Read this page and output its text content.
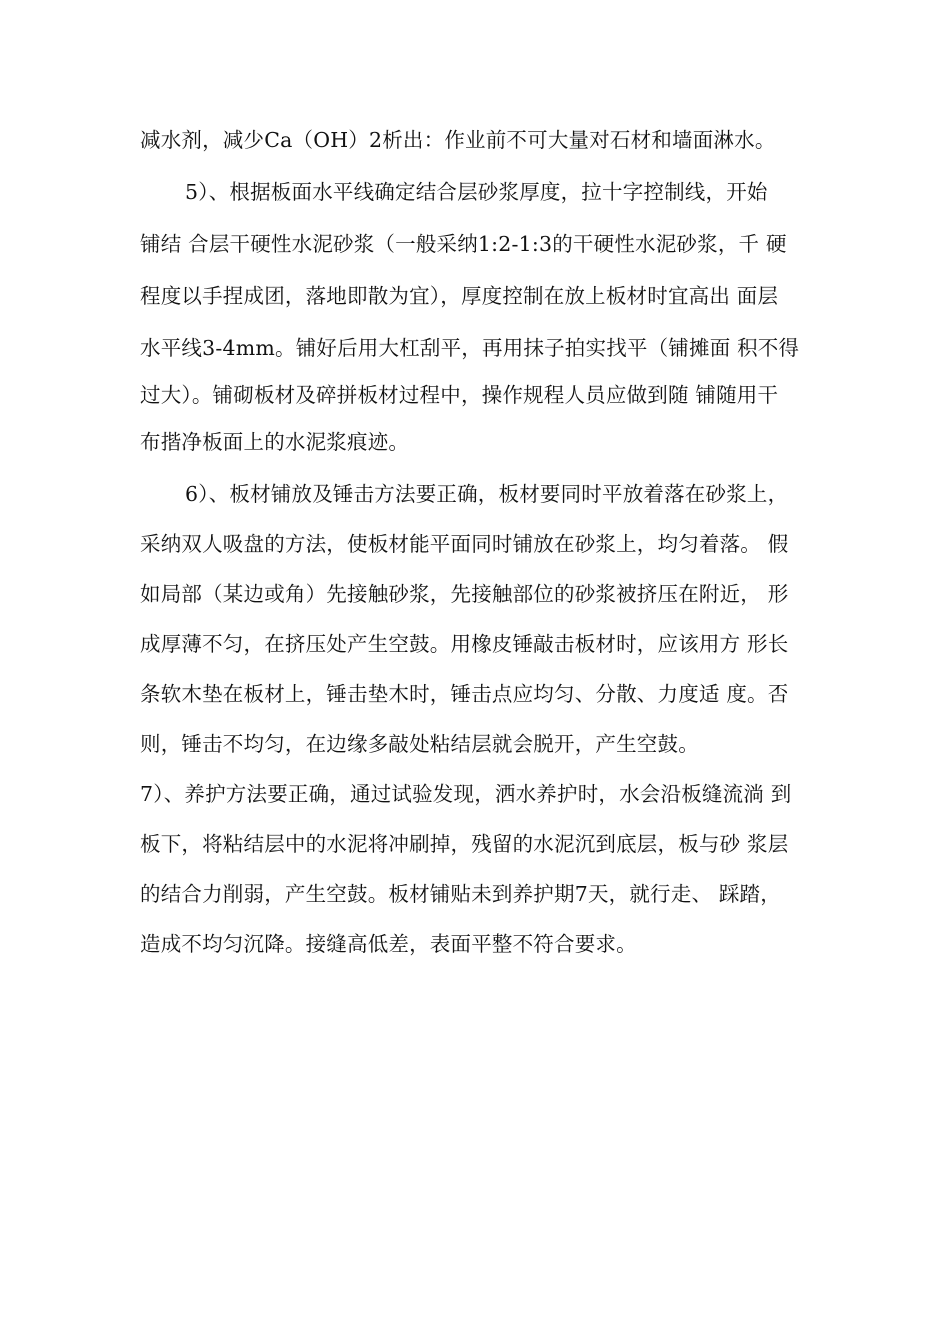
减水剂，减少Ca（OH）2析出：作业前不可大量对石材和墙面淋水。
5）、根据板面水平线确定结合层砂浆厚度，拉十字控制线，开始
铺结 合层干硬性水泥砂浆（一般采纳1:2-1:3的干硬性水泥砂浆，千 硬
程度以手捏成团，落地即散为宜），厚度控制在放上板材时宜高出 面层
水平线3-4mm。铺好后用大杠刮平，再用抹子拍实找平（铺摊面 积不得
过大）。铺砌板材及碎拼板材过程中，操作规程人员应做到随 铺随用干
布揩净板面上的水泥浆痕迹。
6）、板材铺放及锤击方法要正确，板材要同时平放着落在砂浆上，
采纳双人吸盘的方法，使板材能平面同时铺放在砂浆上，均匀着落。 假
如局部（某边或角）先接触砂浆，先接触部位的砂浆被挤压在附近， 形
成厚薄不匀，在挤压处产生空鼓。用橡皮锤敲击板材时，应该用方 形长
条软木垫在板材上，锤击垫木时，锤击点应均匀、分散、力度适 度。否
则，锤击不均匀，在边缘多敲处粘结层就会脱开，产生空鼓。
7）、养护方法要正确，通过试验发现，洒水养护时，水会沿板缝流淌 到
板下，将粘结层中的水泥将冲刷掉，残留的水泥沉到底层，板与砂 浆层
的结合力削弱，产生空鼓。板材铺贴未到养护期7天，就行走、 踩踏，
造成不均匀沉降。接缝高低差，表面平整不符合要求。
